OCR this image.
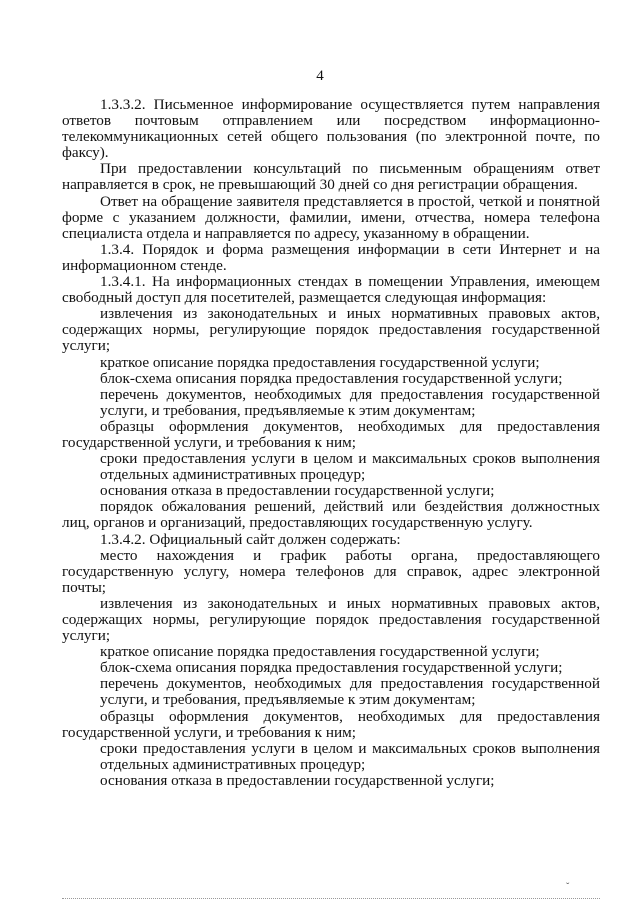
4

1.3.3.2. Письменное информирование осуществляется путем направления ответов почтовым отправлением или посредством информационно-телекоммуникационных сетей общего пользования (по электронной почте, по факсу).

При предоставлении консультаций по письменным обращениям ответ направляется в срок, не превышающий 30 дней со дня регистрации обращения.

Ответ на обращение заявителя представляется в простой, четкой и понятной форме с указанием должности, фамилии, имени, отчества, номера телефона специалиста отдела и направляется по адресу, указанному в обращении.

1.3.4. Порядок и форма размещения информации в сети Интернет и на информационном стенде.

1.3.4.1. На информационных стендах в помещении Управления, имеющем свободный доступ для посетителей, размещается следующая информация:

извлечения из законодательных и иных нормативных правовых актов, содержащих нормы, регулирующие порядок предоставления государственной услуги;

краткое описание порядка предоставления государственной услуги;

блок-схема описания порядка предоставления государственной услуги;

перечень документов, необходимых для предоставления государственной услуги, и требования, предъявляемые к этим документам;

образцы оформления документов, необходимых для предоставления государственной услуги, и требования к ним;

сроки предоставления услуги в целом и максимальных сроков выполнения отдельных административных процедур;

основания отказа в предоставлении государственной услуги;

порядок обжалования решений, действий или бездействия должностных лиц, органов и организаций, предоставляющих государственную услугу.

1.3.4.2. Официальный сайт должен содержать:

место нахождения и график работы органа, предоставляющего государственную услугу, номера телефонов для справок, адрес электронной почты;

извлечения из законодательных и иных нормативных правовых актов, содержащих нормы, регулирующие порядок предоставления государственной услуги;

краткое описание порядка предоставления государственной услуги;

блок-схема описания порядка предоставления государственной услуги;

перечень документов, необходимых для предоставления государственной услуги, и требования, предъявляемые к этим документам;

образцы оформления документов, необходимых для предоставления государственной услуги, и требования к ним;

сроки предоставления услуги в целом и максимальных сроков выполнения отдельных административных процедур;

основания отказа в предоставлении государственной услуги;

ˇ
